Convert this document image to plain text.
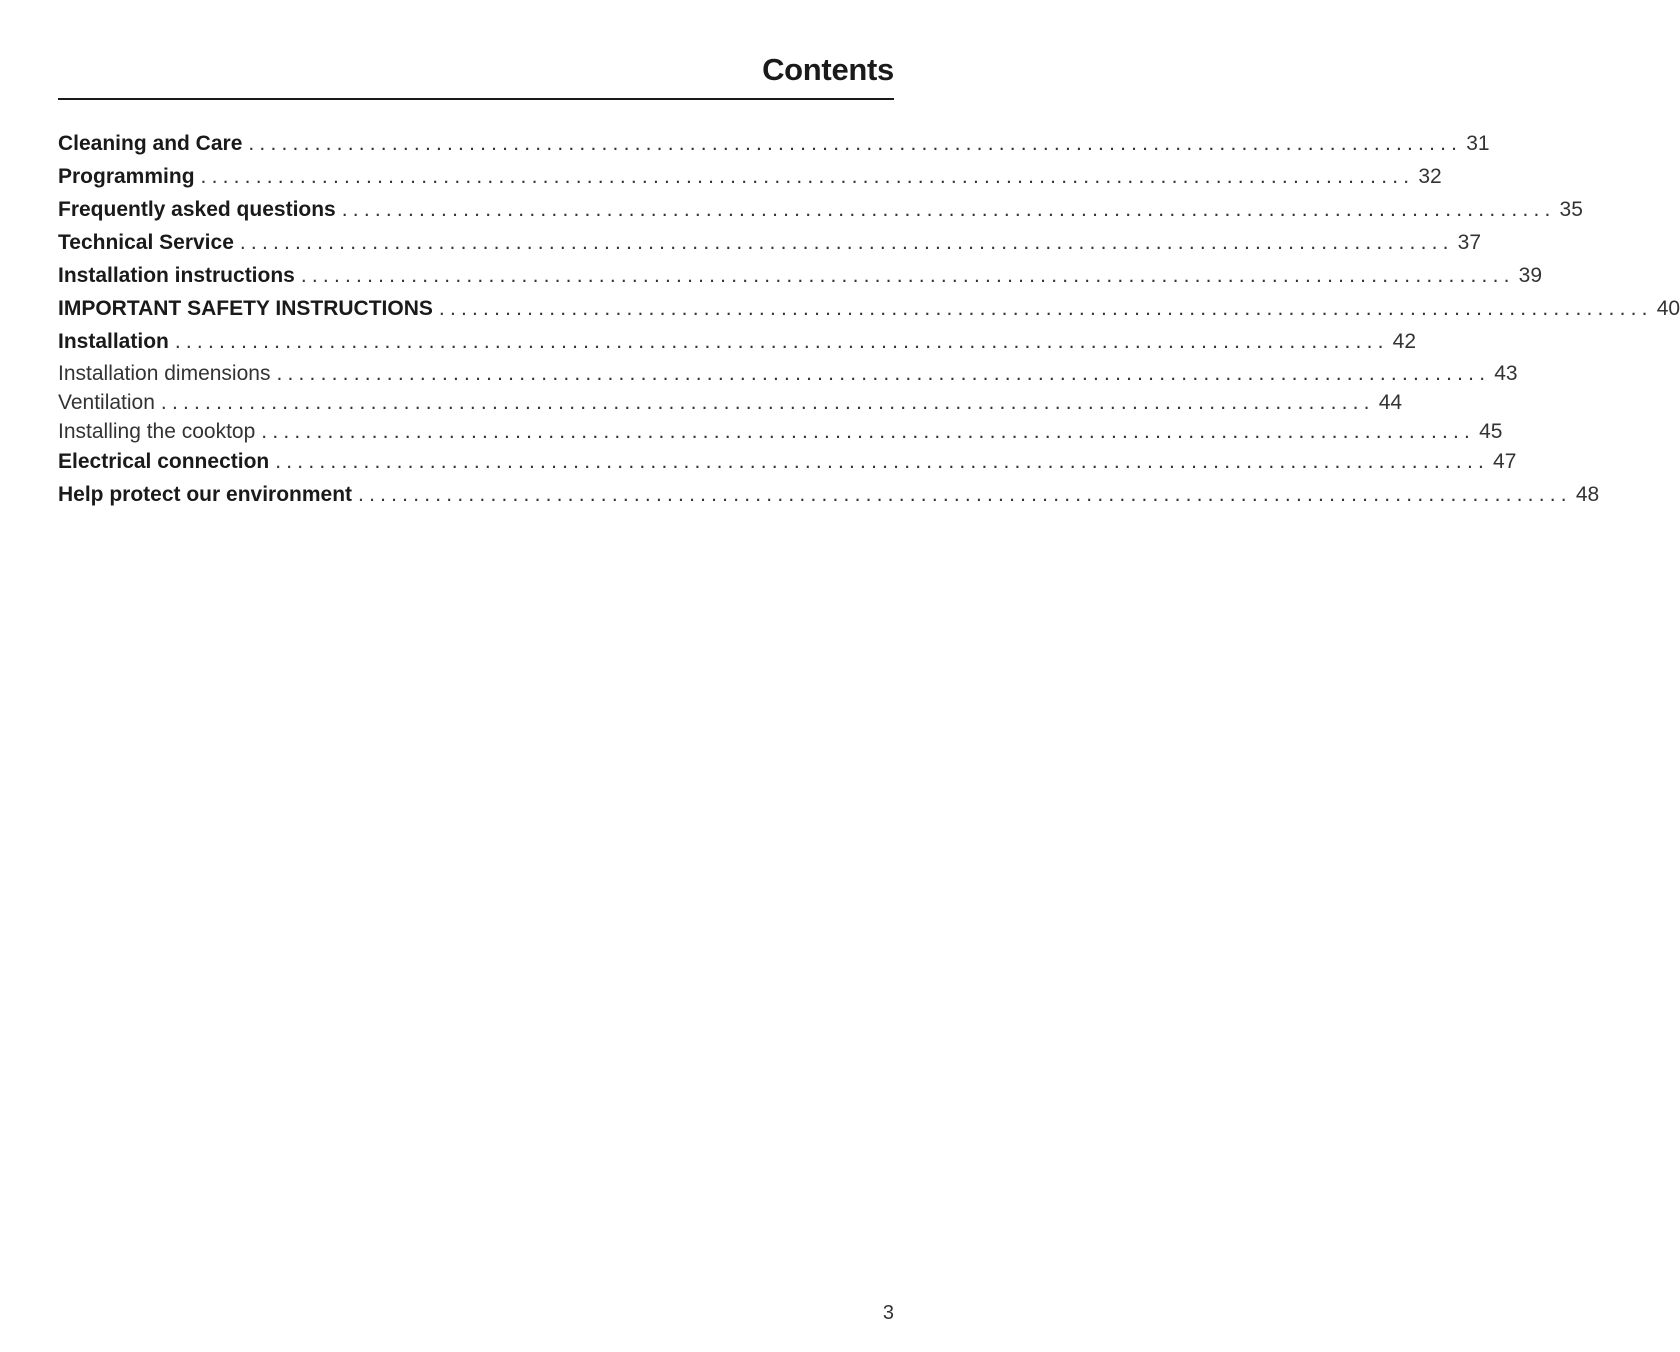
Contents
Cleaning and Care .............................................................................................................. 31
Programming .............................................................................................................. 32
Frequently asked questions .............................................................................................................. 35
Technical Service .............................................................................................................. 37
Installation instructions .............................................................................................................. 39
IMPORTANT SAFETY INSTRUCTIONS .............................................................................................................. 40
Installation .............................................................................................................. 42
Installation dimensions .............................................................................................................. 43
Ventilation .............................................................................................................. 44
Installing the cooktop .............................................................................................................. 45
Electrical connection .............................................................................................................. 47
Help protect our environment .............................................................................................................. 48
3
